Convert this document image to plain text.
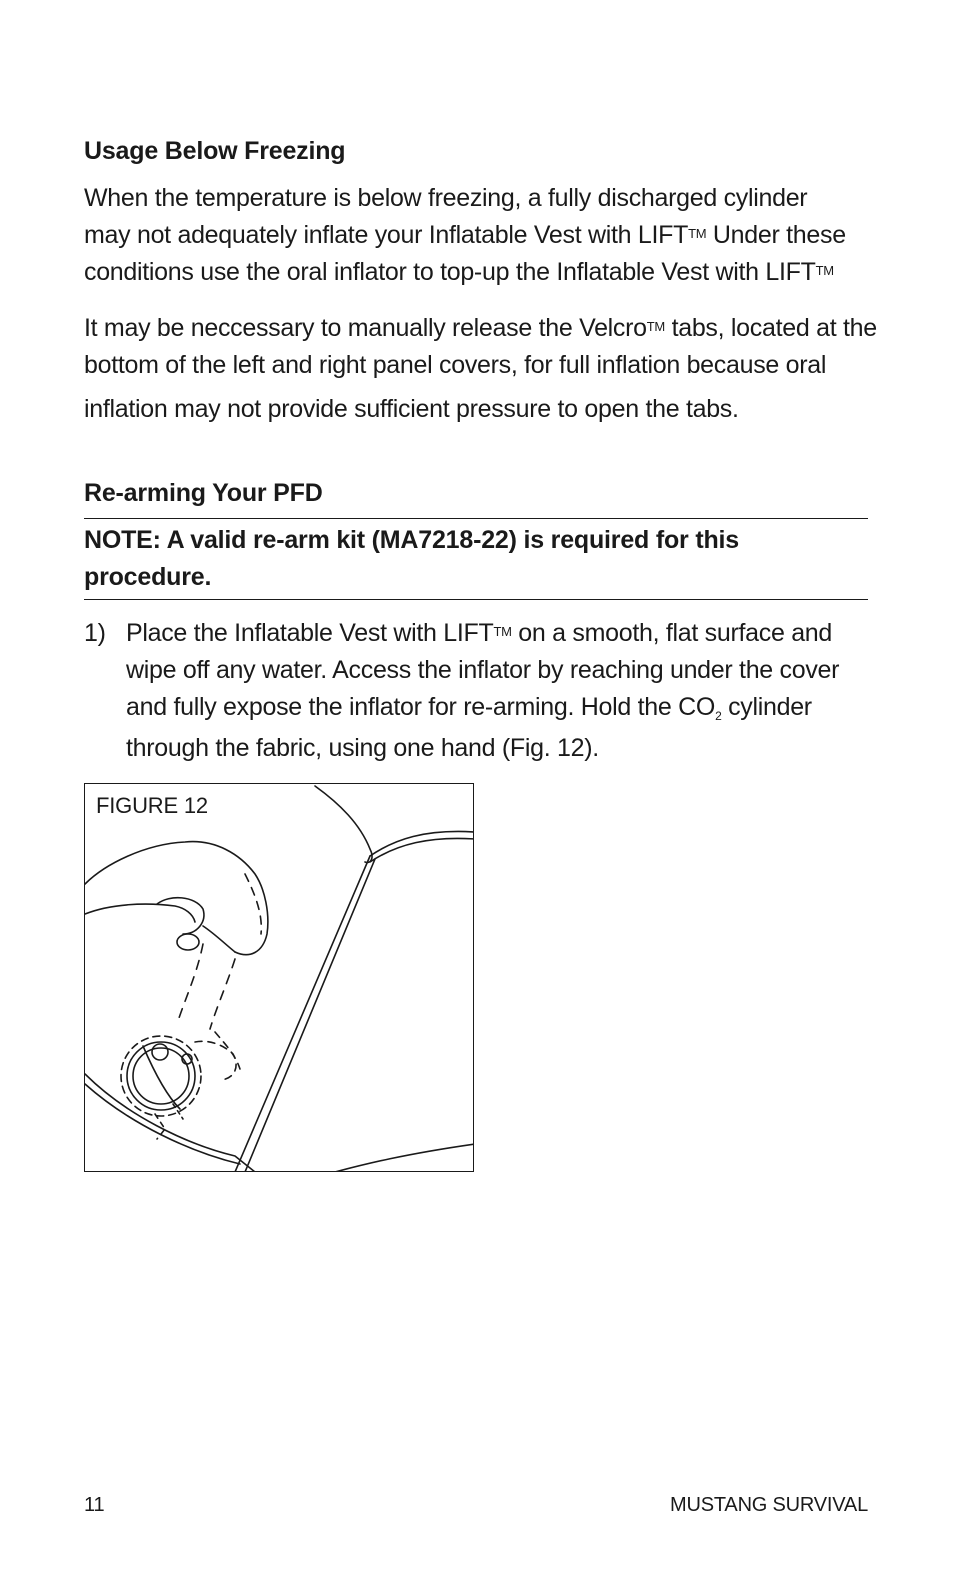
Usage Below Freezing

When the temperature is below freezing, a fully discharged cylinder
may not adequately inflate your Inflatable Vest with LIFT™ Under these
conditions use the oral inflator to top-up the Inflatable Vest with LIFT™

It may be neccessary to manually release the Velcro™ tabs, located at the
bottom of the left and right panel covers, for full inflation because oral
inflation may not provide sufficient pressure to open the tabs.

Re-arming Your PFD

NOTE: A valid re-arm kit (MA7218-22) is required for this
procedure.

1) Place the Inflatable Vest with LIFT™ on a smooth, flat surface and
wipe off any water. Access the inflator by reaching under the cover
and fully expose the inflator for re-arming. Hold the $CO_2$ cylinder
through the fabric, using one hand (Fig. 12).
FIGURE 12
11	MUSTANG SURVIVAL
